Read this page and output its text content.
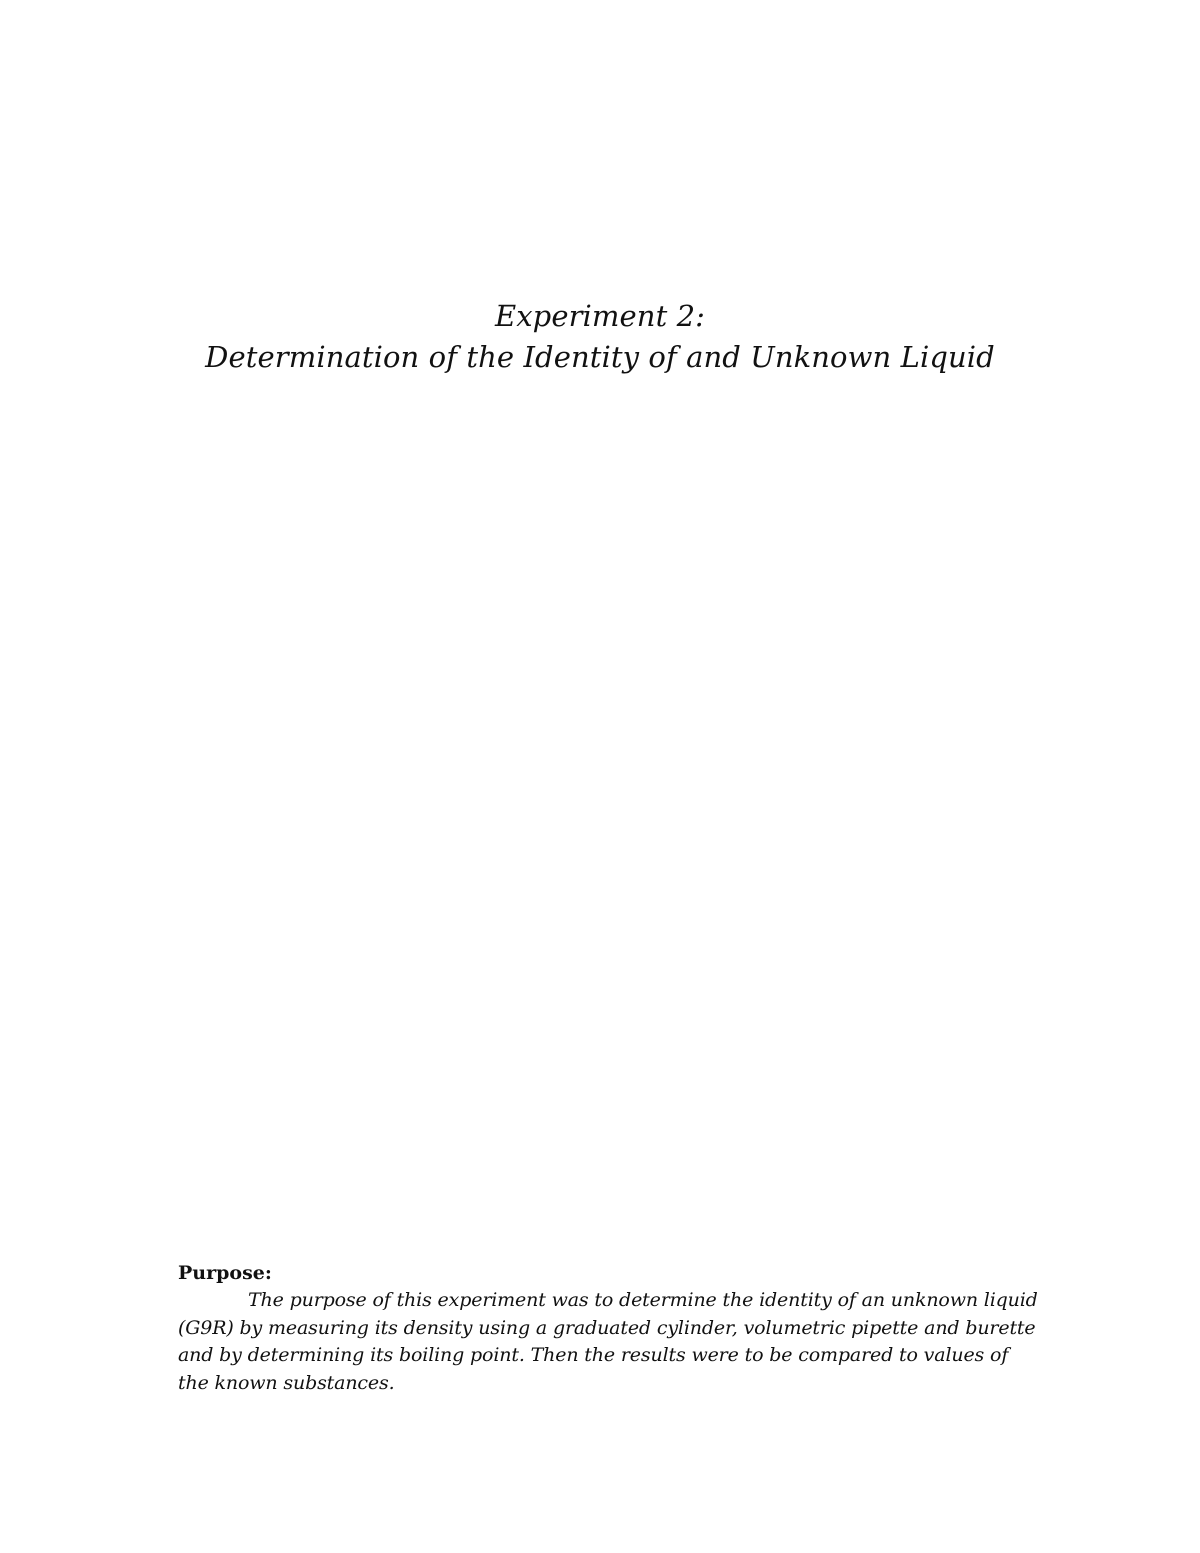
Experiment 2:
Determination of the Identity of and Unknown Liquid

Purpose:

The purpose of this experiment was to determine the identity of an unknown liquid (G9R) by measuring its density using a graduated cylinder, volumetric pipette and burette and by determining its boiling point. Then the results were to be compared to values of the known substances.
